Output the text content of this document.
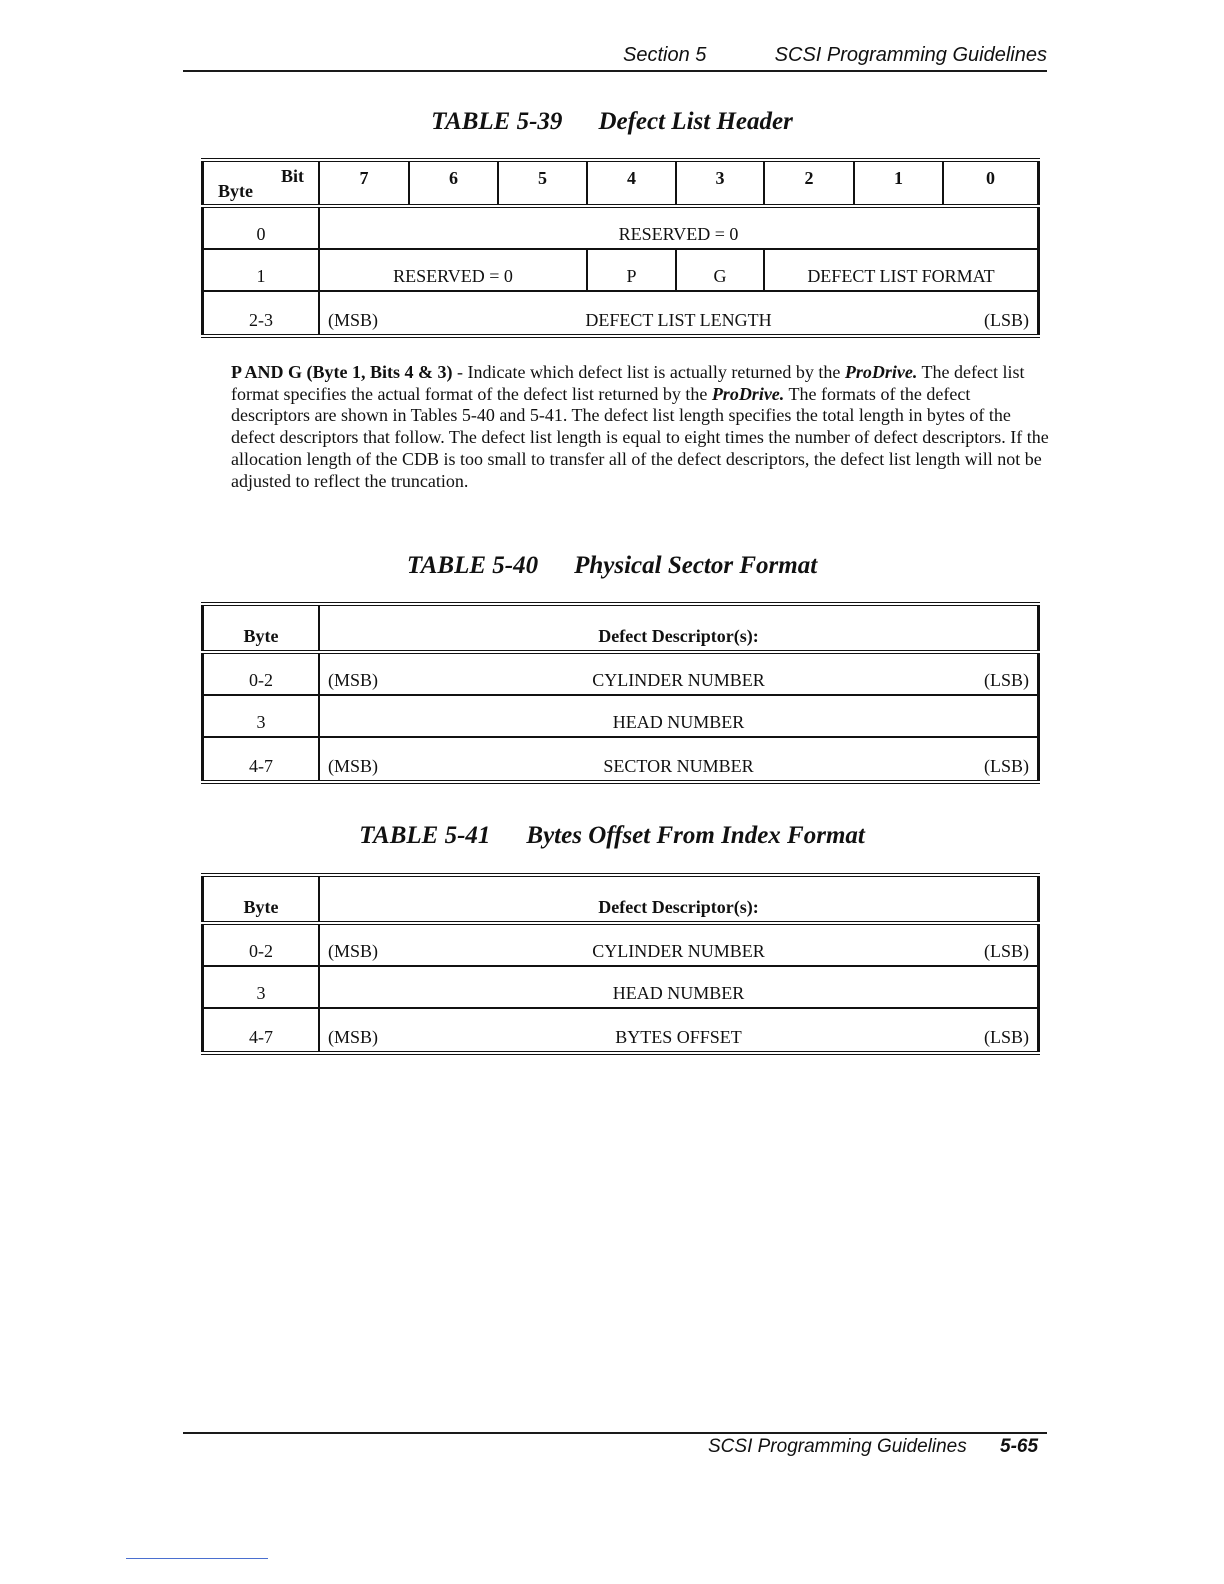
Section 5	SCSI Programming Guidelines
TABLE 5-39 Defect List Header
Bit
Byte
7	6	5	4	3	2	1	0
0	RESERVED = 0
1	RESERVED = 0	P	G	DEFECT LIST FORMAT
2-3	(MSB)	DEFECT LIST LENGTH	(LSB)
P AND G (Byte 1, Bits 4 & 3) - Indicate which defect list is actually returned by the ProDrive. The defect list format specifies the actual format of the defect list returned by the ProDrive. The formats of the defect descriptors are shown in Tables 5-40 and 5-41. The defect list length specifies the total length in bytes of the defect descriptors that follow. The defect list length is equal to eight times the number of defect descriptors. If the allocation length of the CDB is too small to transfer all of the defect descriptors, the defect list length will not be adjusted to reflect the truncation.
TABLE 5-40 Physical Sector Format
Byte	Defect Descriptor(s):
0-2	(MSB)	CYLINDER NUMBER	(LSB)
3	HEAD NUMBER
4-7	(MSB)	SECTOR NUMBER	(LSB)
TABLE 5-41 Bytes Offset From Index Format
Byte	Defect Descriptor(s):
0-2	(MSB)	CYLINDER NUMBER	(LSB)
3	HEAD NUMBER
4-7	(MSB)	BYTES OFFSET	(LSB)
SCSI Programming Guidelines 5-65
